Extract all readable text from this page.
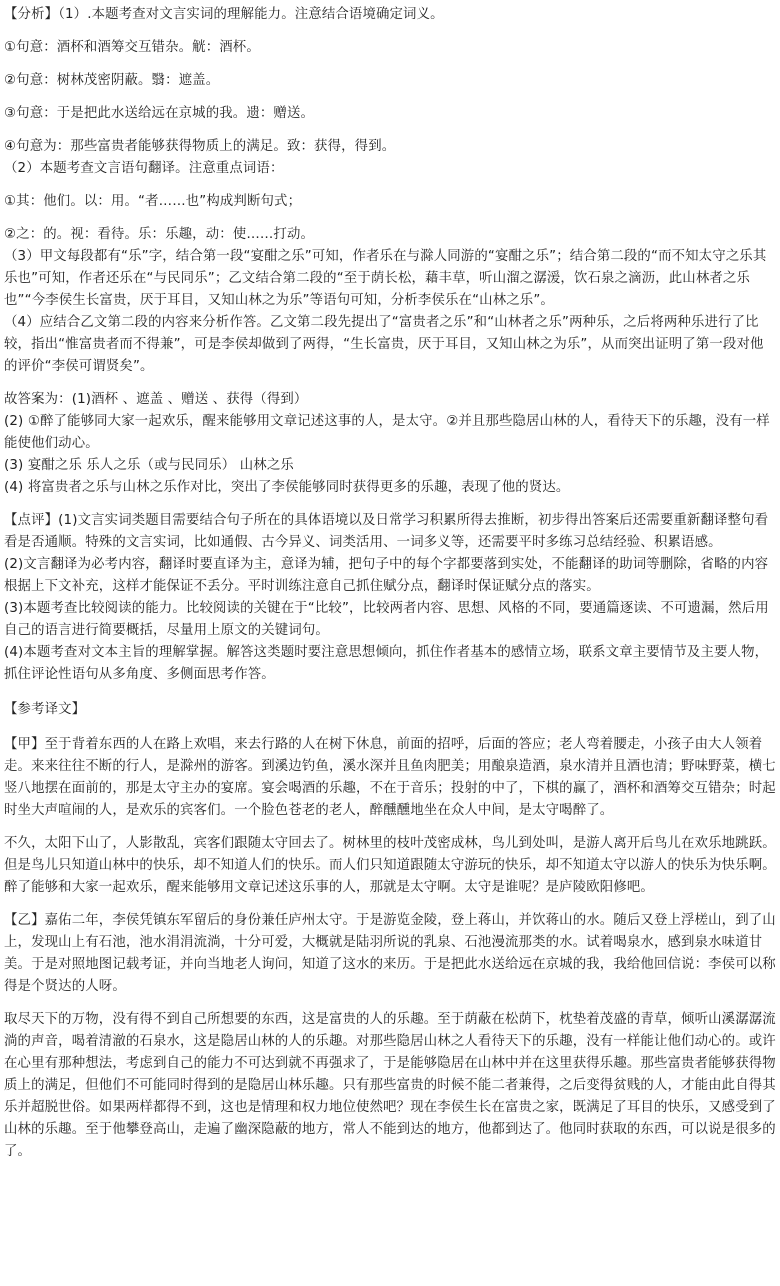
【分析】（1）.本题考查对文言实词的理解能力。注意结合语境确定词义。

①句意：酒杯和酒筹交互错杂。觥：酒杯。

②句意：树林茂密阴蔽。翳：遮盖。

③句意：于是把此水送给远在京城的我。遗：赠送。

④句意为：那些富贵者能够获得物质上的满足。致：获得，得到。

（2）本题考查文言语句翻译。注意重点词语：

①其：他们。以：用。“者……也”构成判断句式；

②之：的。视：看待。乐：乐趣，动：使……打动。

（3）甲文每段都有“乐”字，结合第一段“宴酣之乐”可知，作者乐在与滁人同游的“宴酣之乐”；结合第二段的“而不知太守之乐其乐也”可知，作者还乐在“与民同乐”；乙文结合第二段的“至于荫长松，藉丰草，听山溜之潺湲，饮石泉之滴沥，此山林者之乐也”“今李侯生长富贵，厌于耳目，又知山林之为乐”等语句可知，分析李侯乐在“山林之乐”。

（4）应结合乙文第二段的内容来分析作答。乙文第二段先提出了“富贵者之乐”和“山林者之乐”两种乐，之后将两种乐进行了比较，指出“惟富贵者而不得兼”，可是李侯却做到了两得，“生长富贵，厌于耳目，又知山林之为乐”，从而突出证明了第一段对他的评价“李侯可谓贤矣”。

故答案为：(1)酒杯 、遮盖 、赠送 、获得（得到）

(2) ①醉了能够同大家一起欢乐，醒来能够用文章记述这事的人，是太守。②并且那些隐居山林的人，看待天下的乐趣，没有一样能使他们动心。

(3) 宴酣之乐 乐人之乐（或与民同乐） 山林之乐

(4) 将富贵者之乐与山林之乐作对比，突出了李侯能够同时获得更多的乐趣，表现了他的贤达。

【点评】(1)文言实词类题目需要结合句子所在的具体语境以及日常学习积累所得去推断，初步得出答案后还需要重新翻译整句看看是否通顺。特殊的文言实词，比如通假、古今异义、词类活用、一词多义等，还需要平时多练习总结经验、积累语感。

(2)文言翻译为必考内容，翻译时要直译为主，意译为辅，把句子中的每个字都要落到实处，不能翻译的助词等删除，省略的内容根据上下文补充，这样才能保证不丢分。平时训练注意自己抓住赋分点，翻译时保证赋分点的落实。

(3)本题考查比较阅读的能力。比较阅读的关键在于“比较”，比较两者内容、思想、风格的不同，要通篇逐读、不可遗漏，然后用自己的语言进行简要概括，尽量用上原文的关键词句。

(4)本题考查对文本主旨的理解掌握。解答这类题时要注意思想倾向，抓住作者基本的感情立场，联系文章主要情节及主要人物，抓住评论性语句从多角度、多侧面思考作答。

【参考译文】

【甲】至于背着东西的人在路上欢唱，来去行路的人在树下休息，前面的招呼，后面的答应；老人弯着腰走，小孩子由大人领着走。来来往往不断的行人，是滁州的游客。到溪边钓鱼，溪水深并且鱼肉肥美；用酿泉造酒，泉水清并且酒也清；野味野菜，横七竖八地摆在面前的，那是太守主办的宴席。宴会喝酒的乐趣，不在于音乐；投射的中了，下棋的赢了，酒杯和酒筹交互错杂；时起时坐大声喧闹的人，是欢乐的宾客们。一个脸色苍老的老人，醉醺醺地坐在众人中间，是太守喝醉了。

不久，太阳下山了，人影散乱，宾客们跟随太守回去了。树林里的枝叶茂密成林，鸟儿到处叫，是游人离开后鸟儿在欢乐地跳跃。但是鸟儿只知道山林中的快乐，却不知道人们的快乐。而人们只知道跟随太守游玩的快乐，却不知道太守以游人的快乐为快乐啊。醉了能够和大家一起欢乐，醒来能够用文章记述这乐事的人，那就是太守啊。太守是谁呢？是庐陵欧阳修吧。

【乙】嘉佑二年，李侯凭镇东军留后的身份兼任庐州太守。于是游览金陵，登上蒋山，并饮蒋山的水。随后又登上浮槎山，到了山上，发现山上有石池，池水涓涓流淌，十分可爱，大概就是陆羽所说的乳泉、石池漫流那类的水。试着喝泉水，感到泉水味道甘美。于是对照地图记载考证，并向当地老人询问，知道了这水的来历。于是把此水送给远在京城的我，我给他回信说：李侯可以称得是个贤达的人呀。

取尽天下的万物，没有得不到自己所想要的东西，这是富贵的人的乐趣。至于荫蔽在松荫下，枕垫着茂盛的青草，倾听山溪潺潺流淌的声音，喝着清澈的石泉水，这是隐居山林的人的乐趣。对那些隐居山林之人看待天下的乐趣，没有一样能让他们动心的。或许在心里有那种想法，考虑到自己的能力不可达到就不再强求了，于是能够隐居在山林中并在这里获得乐趣。那些富贵者能够获得物质上的满足，但他们不可能同时得到的是隐居山林乐趣。只有那些富贵的时候不能二者兼得，之后变得贫贱的人，才能由此自得其乐并超脱世俗。如果两样都得不到，这也是情理和权力地位使然吧？现在李侯生长在富贵之家，既满足了耳目的快乐，又感受到了山林的乐趣。至于他攀登高山，走遍了幽深隐蔽的地方，常人不能到达的地方，他都到达了。他同时获取的东西，可以说是很多的了。
